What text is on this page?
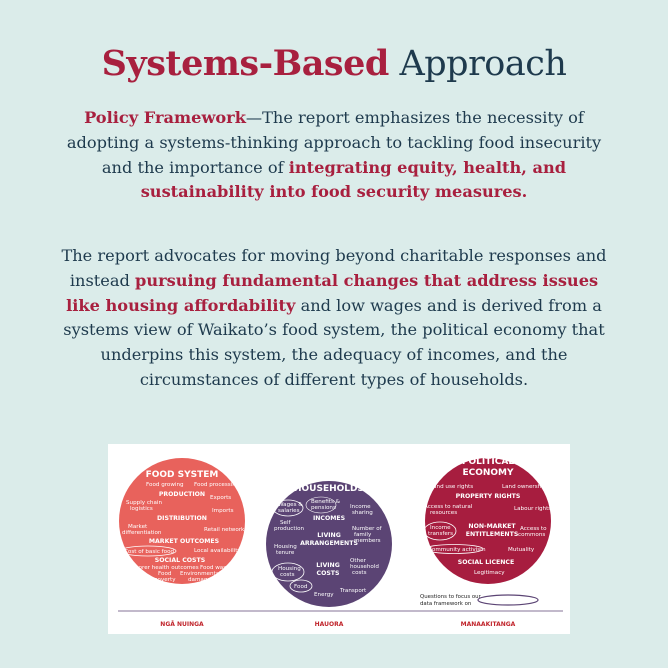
Systems-Based Approach
Policy Framework—The report emphasizes the necessity of adopting a systems-thinking approach to tackling food insecurity and the importance of integrating equity, health, and sustainability into food security measures.
The report advocates for moving beyond charitable responses and instead pursuing fundamental changes that address issues like housing affordability and low wages and is derived from a systems view of Waikato’s food system, the political economy that underpins this system, the adequacy of incomes, and the circumstances of different types of households.
FOOD SYSTEM
Food growing Food processing
PRODUCTION Exports
Supply chain
logistics	Imports
DISTRIBUTION
Market
differentiation	Retail networks
MARKET OUTCOMES
Cost of basic food	Local availability
SOCIAL COSTS
Poorer health outcomes Food waste
Food
poverty
Environmental
damage
HOUSEHOLDS
Wages &
salaries
Benefits &
pensions	Income
sharing
Self
production
INCOMES
LIVING
ARRANGEMENTS
Number of
family
members
Housing
tenure
Housing
costs
LIVING
COSTS
Other
household
costs
Food
Energy
Transport
POLITICAL
ECONOMY
Land use rights	Land ownership
PROPERTY RIGHTS
Access to natural
resources
Labour rights
Income
transfers
NON-MARKET
ENTITLEMENTS
Access to
commons
Community activism	Mutuality
SOCIAL LICENCE
Legitimacy
Questions to focus our
data framework on
NGĀ NUINGA	HAUORA	MANAAKITANGA
